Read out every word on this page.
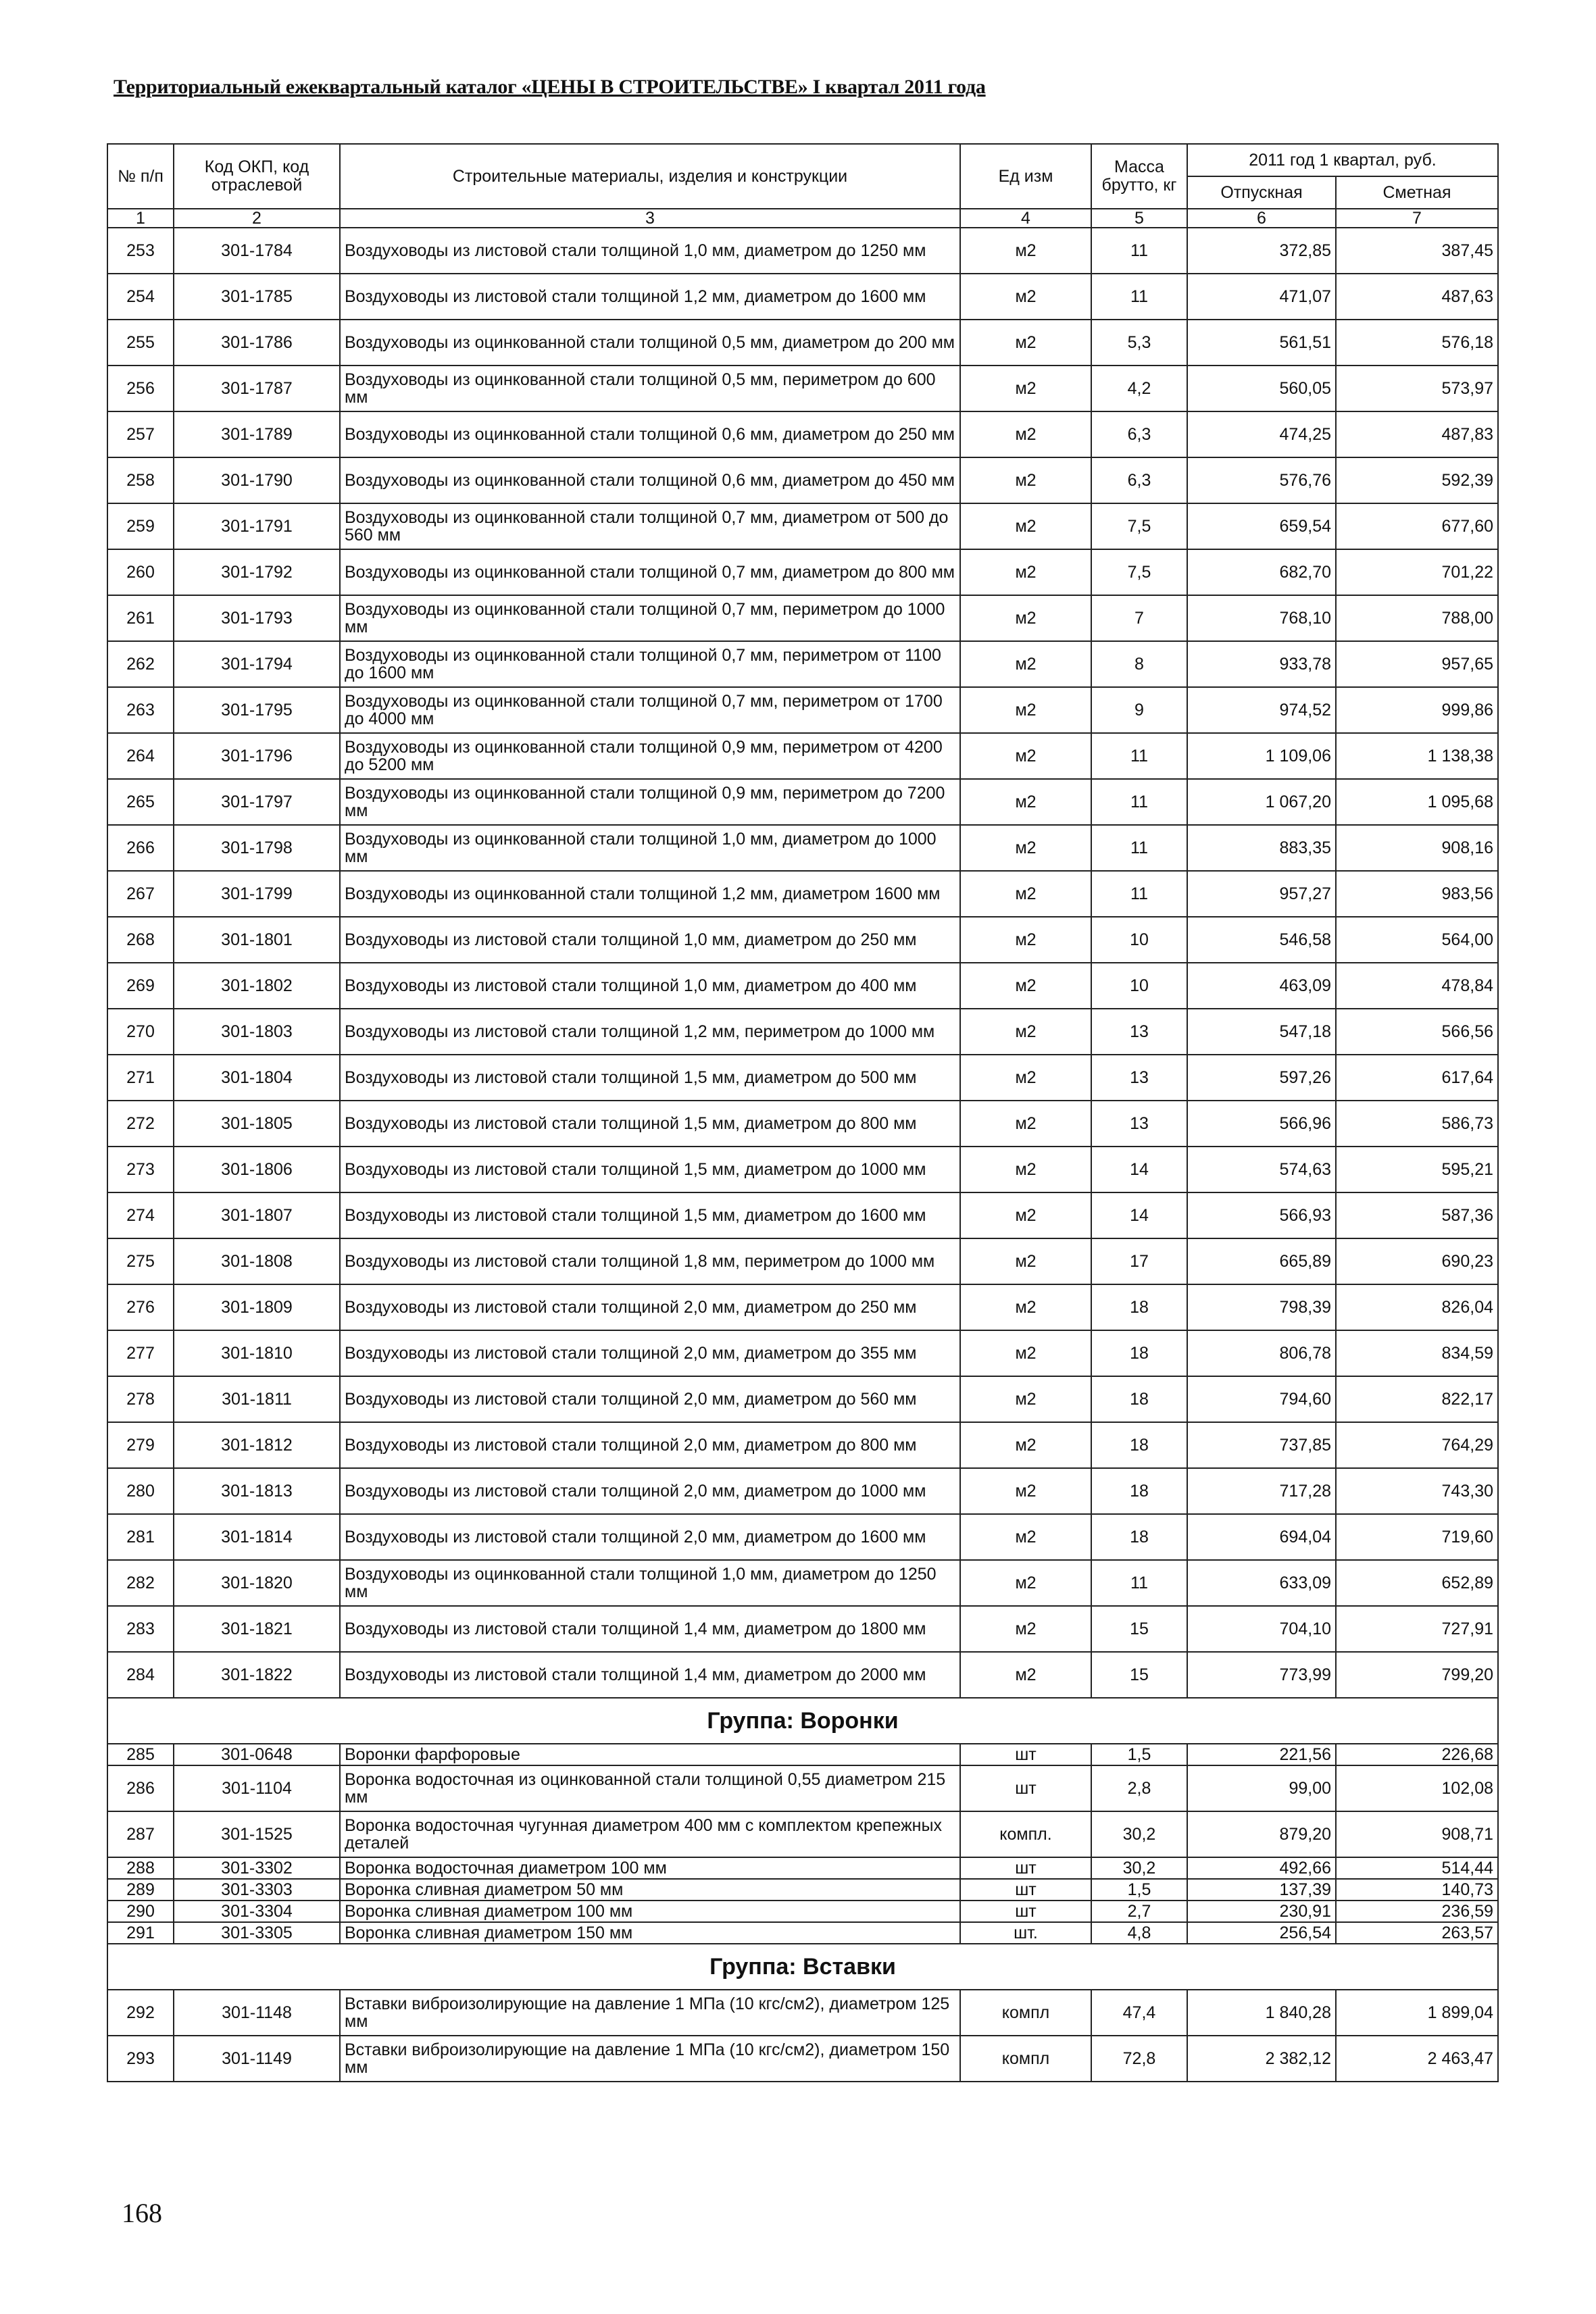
Территориальный ежеквартальный каталог «ЦЕНЫ В СТРОИТЕЛЬСТВЕ» I квартал 2011 года
№ п/п	Код ОКП, код отраслевой	Строительные материалы, изделия и конструкции	Ед изм	Масса брутто, кг	2011 год 1 квартал, руб.	
					Отпускная	Сметная
1	2	3	4	5	6	7
253	301-1784	Воздуховоды из листовой стали толщиной 1,0 мм, диаметром до 1250 мм	м2	11	372,85	387,45
254	301-1785	Воздуховоды из листовой стали толщиной 1,2 мм, диаметром до 1600 мм	м2	11	471,07	487,63
255	301-1786	Воздуховоды из оцинкованной стали толщиной 0,5 мм, диаметром до 200 мм	м2	5,3	561,51	576,18
256	301-1787	Воздуховоды из оцинкованной стали толщиной 0,5 мм, периметром до 600 мм	м2	4,2	560,05	573,97
257	301-1789	Воздуховоды из оцинкованной стали толщиной 0,6 мм, диаметром до 250 мм	м2	6,3	474,25	487,83
258	301-1790	Воздуховоды из оцинкованной стали толщиной 0,6 мм, диаметром до 450 мм	м2	6,3	576,76	592,39
259	301-1791	Воздуховоды из оцинкованной стали толщиной 0,7 мм, диаметром от 500 до 560 мм	м2	7,5	659,54	677,60
260	301-1792	Воздуховоды из оцинкованной стали толщиной 0,7 мм, диаметром до 800 мм	м2	7,5	682,70	701,22
261	301-1793	Воздуховоды из оцинкованной стали толщиной 0,7 мм, периметром до 1000 мм	м2	7	768,10	788,00
262	301-1794	Воздуховоды из оцинкованной стали толщиной 0,7 мм, периметром от 1100 до 1600 мм	м2	8	933,78	957,65
263	301-1795	Воздуховоды из оцинкованной стали толщиной 0,7 мм, периметром от 1700 до 4000 мм	м2	9	974,52	999,86
264	301-1796	Воздуховоды из оцинкованной стали толщиной 0,9 мм, периметром от 4200 до 5200 мм	м2	11	1 109,06	1 138,38
265	301-1797	Воздуховоды из оцинкованной стали толщиной 0,9 мм, периметром до 7200 мм	м2	11	1 067,20	1 095,68
266	301-1798	Воздуховоды из оцинкованной стали толщиной 1,0 мм, диаметром до 1000 мм	м2	11	883,35	908,16
267	301-1799	Воздуховоды из оцинкованной стали толщиной 1,2 мм, диаметром 1600 мм	м2	11	957,27	983,56
268	301-1801	Воздуховоды из листовой стали толщиной 1,0 мм, диаметром до 250 мм	м2	10	546,58	564,00
269	301-1802	Воздуховоды из листовой стали толщиной 1,0 мм, диаметром до 400 мм	м2	10	463,09	478,84
270	301-1803	Воздуховоды из листовой стали толщиной 1,2 мм, периметром до 1000 мм	м2	13	547,18	566,56
271	301-1804	Воздуховоды из листовой стали толщиной 1,5 мм, диаметром до 500 мм	м2	13	597,26	617,64
272	301-1805	Воздуховоды из листовой стали толщиной 1,5 мм, диаметром до 800 мм	м2	13	566,96	586,73
273	301-1806	Воздуховоды из листовой стали толщиной 1,5 мм, диаметром до 1000 мм	м2	14	574,63	595,21
274	301-1807	Воздуховоды из листовой стали толщиной 1,5 мм, диаметром до 1600 мм	м2	14	566,93	587,36
275	301-1808	Воздуховоды из листовой стали толщиной 1,8 мм, периметром до 1000 мм	м2	17	665,89	690,23
276	301-1809	Воздуховоды из листовой стали толщиной 2,0 мм, диаметром до 250 мм	м2	18	798,39	826,04
277	301-1810	Воздуховоды из листовой стали толщиной 2,0 мм, диаметром до 355 мм	м2	18	806,78	834,59
278	301-1811	Воздуховоды из листовой стали толщиной 2,0 мм, диаметром до 560 мм	м2	18	794,60	822,17
279	301-1812	Воздуховоды из листовой стали толщиной 2,0 мм, диаметром до 800 мм	м2	18	737,85	764,29
280	301-1813	Воздуховоды из листовой стали толщиной 2,0 мм, диаметром до 1000 мм	м2	18	717,28	743,30
281	301-1814	Воздуховоды из листовой стали толщиной 2,0 мм, диаметром до 1600 мм	м2	18	694,04	719,60
282	301-1820	Воздуховоды из оцинкованной стали толщиной 1,0 мм, диаметром до 1250 мм	м2	11	633,09	652,89
283	301-1821	Воздуховоды из листовой стали толщиной 1,4 мм, диаметром до 1800 мм	м2	15	704,10	727,91
284	301-1822	Воздуховоды из листовой стали толщиной 1,4 мм, диаметром до 2000 мм	м2	15	773,99	799,20
Группа: Воронки						
285	301-0648	Воронки фарфоровые	шт	1,5	221,56	226,68
286	301-1104	Воронка водосточная из оцинкованной стали толщиной 0,55 диаметром 215 мм	шт	2,8	99,00	102,08
287	301-1525	Воронка водосточная чугунная диаметром 400 мм с комплектом крепежных деталей	компл.	30,2	879,20	908,71
288	301-3302	Воронка водосточная диаметром 100 мм	шт	30,2	492,66	514,44
289	301-3303	Воронка сливная диаметром 50 мм	шт	1,5	137,39	140,73
290	301-3304	Воронка сливная диаметром 100 мм	шт	2,7	230,91	236,59
291	301-3305	Воронка сливная диаметром 150 мм	шт.	4,8	256,54	263,57
Группа: Вставки						
292	301-1148	Вставки виброизолирующие на давление 1 МПа (10 кгс/см2), диаметром 125 мм	компл	47,4	1 840,28	1 899,04
293	301-1149	Вставки виброизолирующие на давление 1 МПа (10 кгс/см2), диаметром 150 мм	компл	72,8	2 382,12	2 463,47
168
